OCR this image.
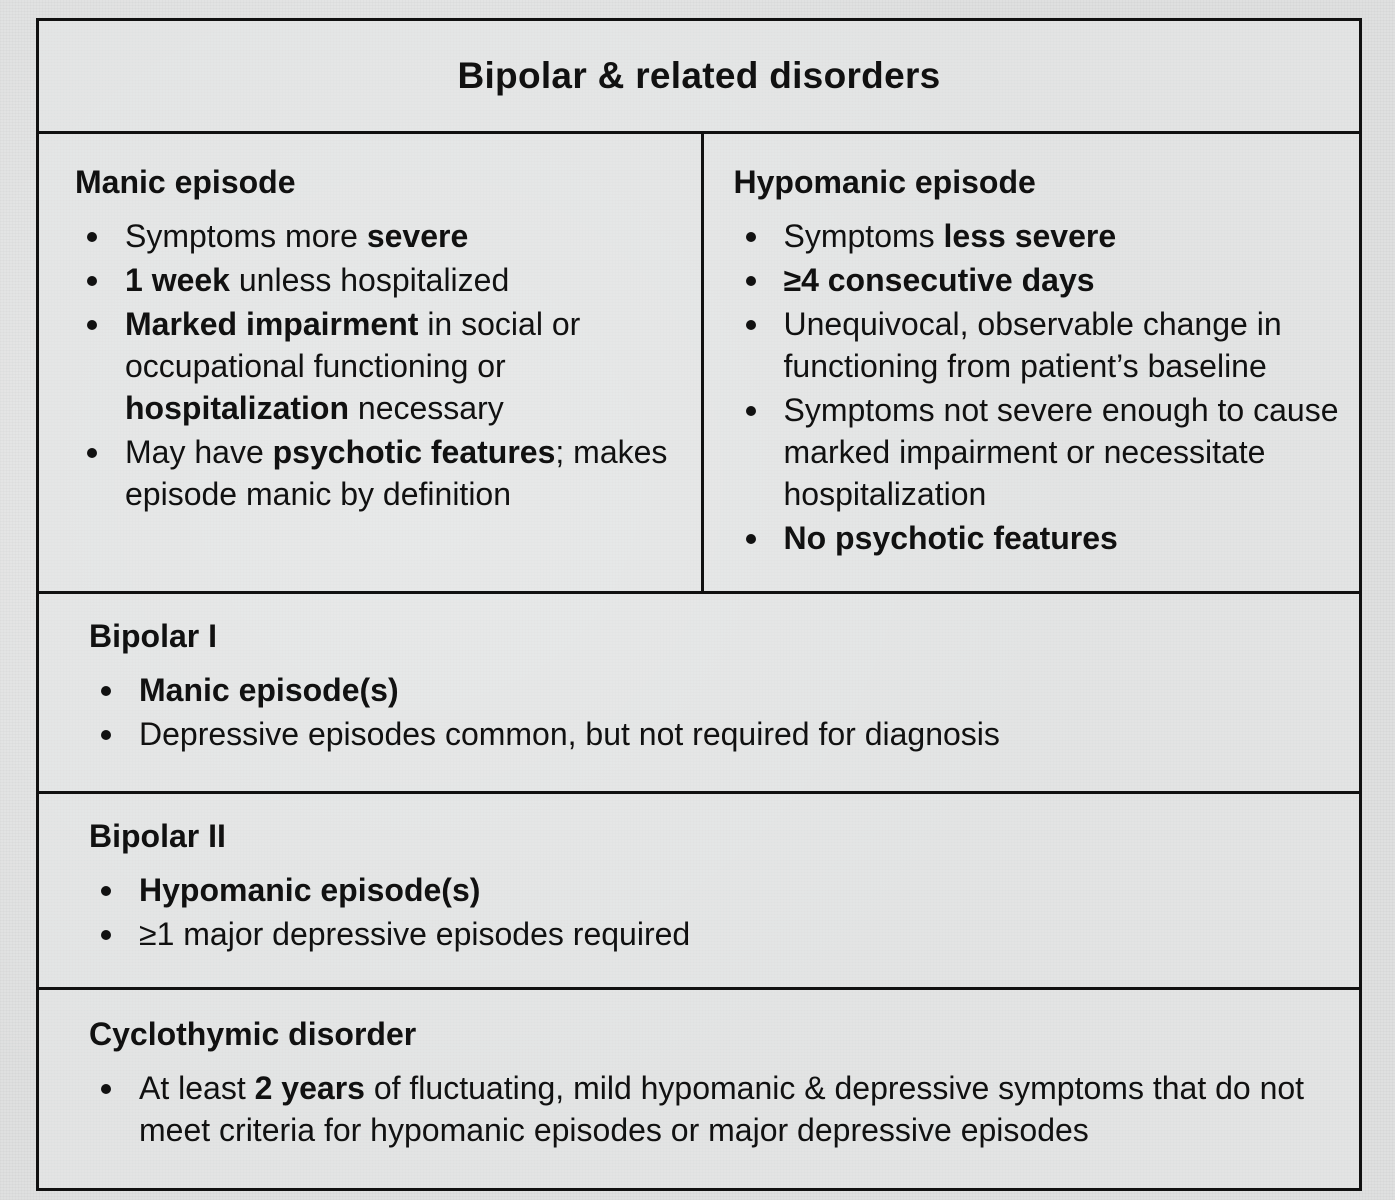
Bipolar & related disorders
Manic episode
Symptoms more severe
1 week unless hospitalized
Marked impairment in social or occupational functioning or hospitalization necessary
May have psychotic features; makes episode manic by definition
Hypomanic episode
Symptoms less severe
≥4 consecutive days
Unequivocal, observable change in functioning from patient’s baseline
Symptoms not severe enough to cause marked impairment or necessitate hospitalization
No psychotic features
Bipolar I
Manic episode(s)
Depressive episodes common, but not required for diagnosis
Bipolar II
Hypomanic episode(s)
≥1 major depressive episodes required
Cyclothymic disorder
At least 2 years of fluctuating, mild hypomanic & depressive symptoms that do not meet criteria for hypomanic episodes or major depressive episodes
